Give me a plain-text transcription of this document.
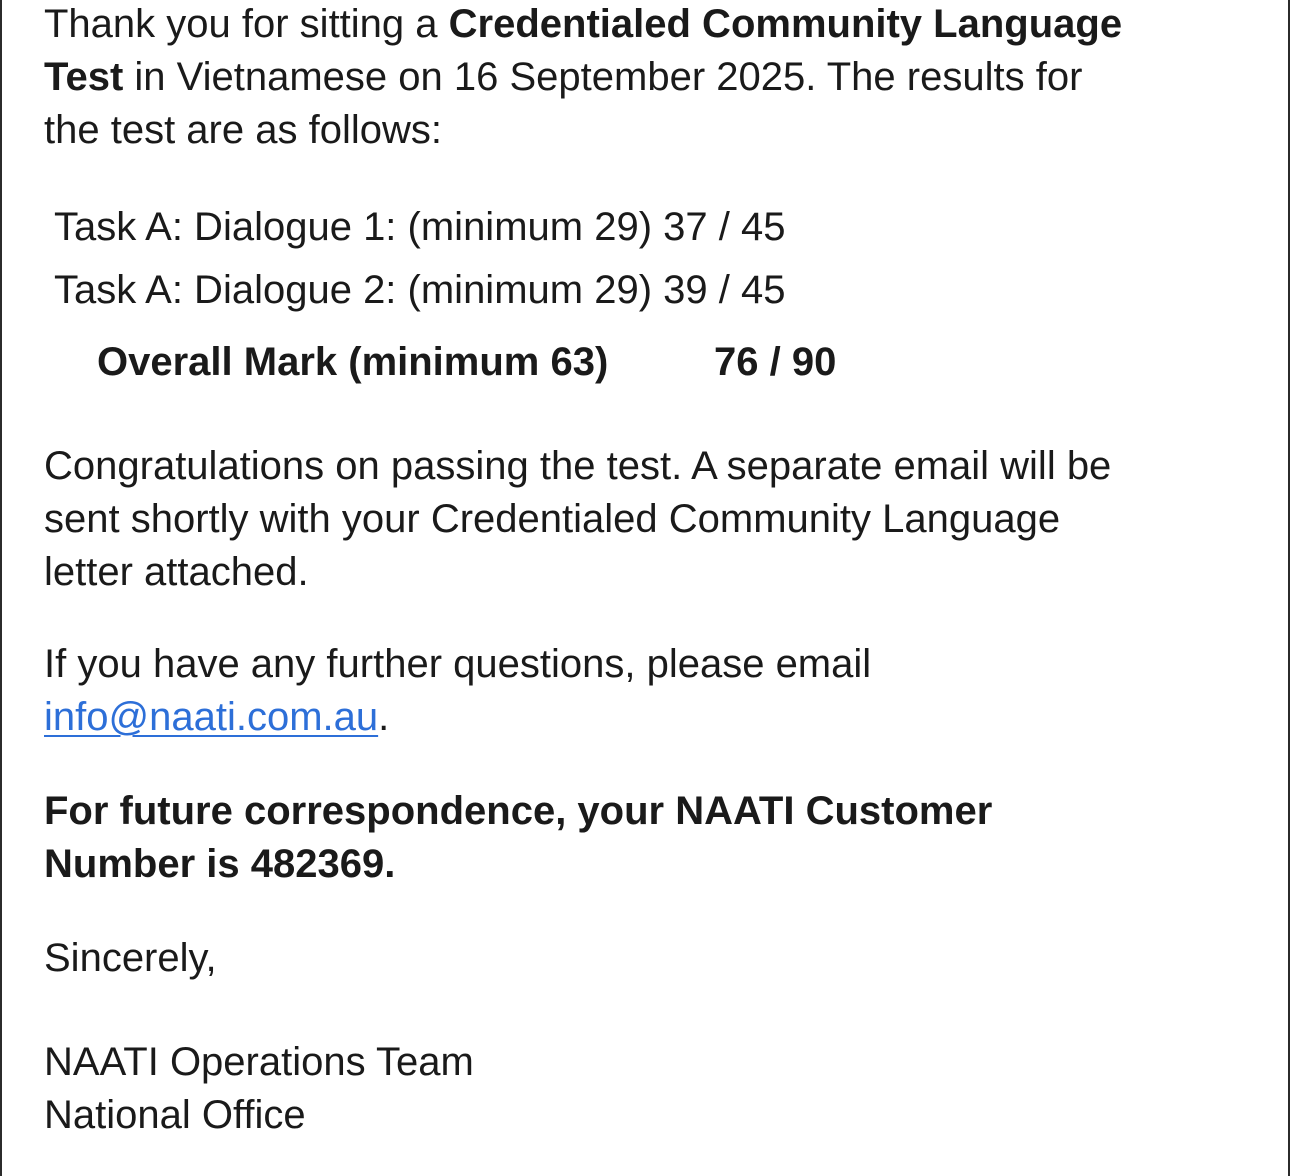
Thank you for sitting a Credentialed Community Language Test in Vietnamese on 16 September 2025. The results for the test are as follows:

Task A: Dialogue 1: (minimum 29) 37 / 45
Task A: Dialogue 2: (minimum 29) 39 / 45
Overall Mark (minimum 63)	76 / 90

Congratulations on passing the test. A separate email will be sent shortly with your Credentialed Community Language letter attached.

If you have any further questions, please email info@naati.com.au.

For future correspondence, your NAATI Customer Number is 482369.

Sincerely,

NAATI Operations Team

National Office
